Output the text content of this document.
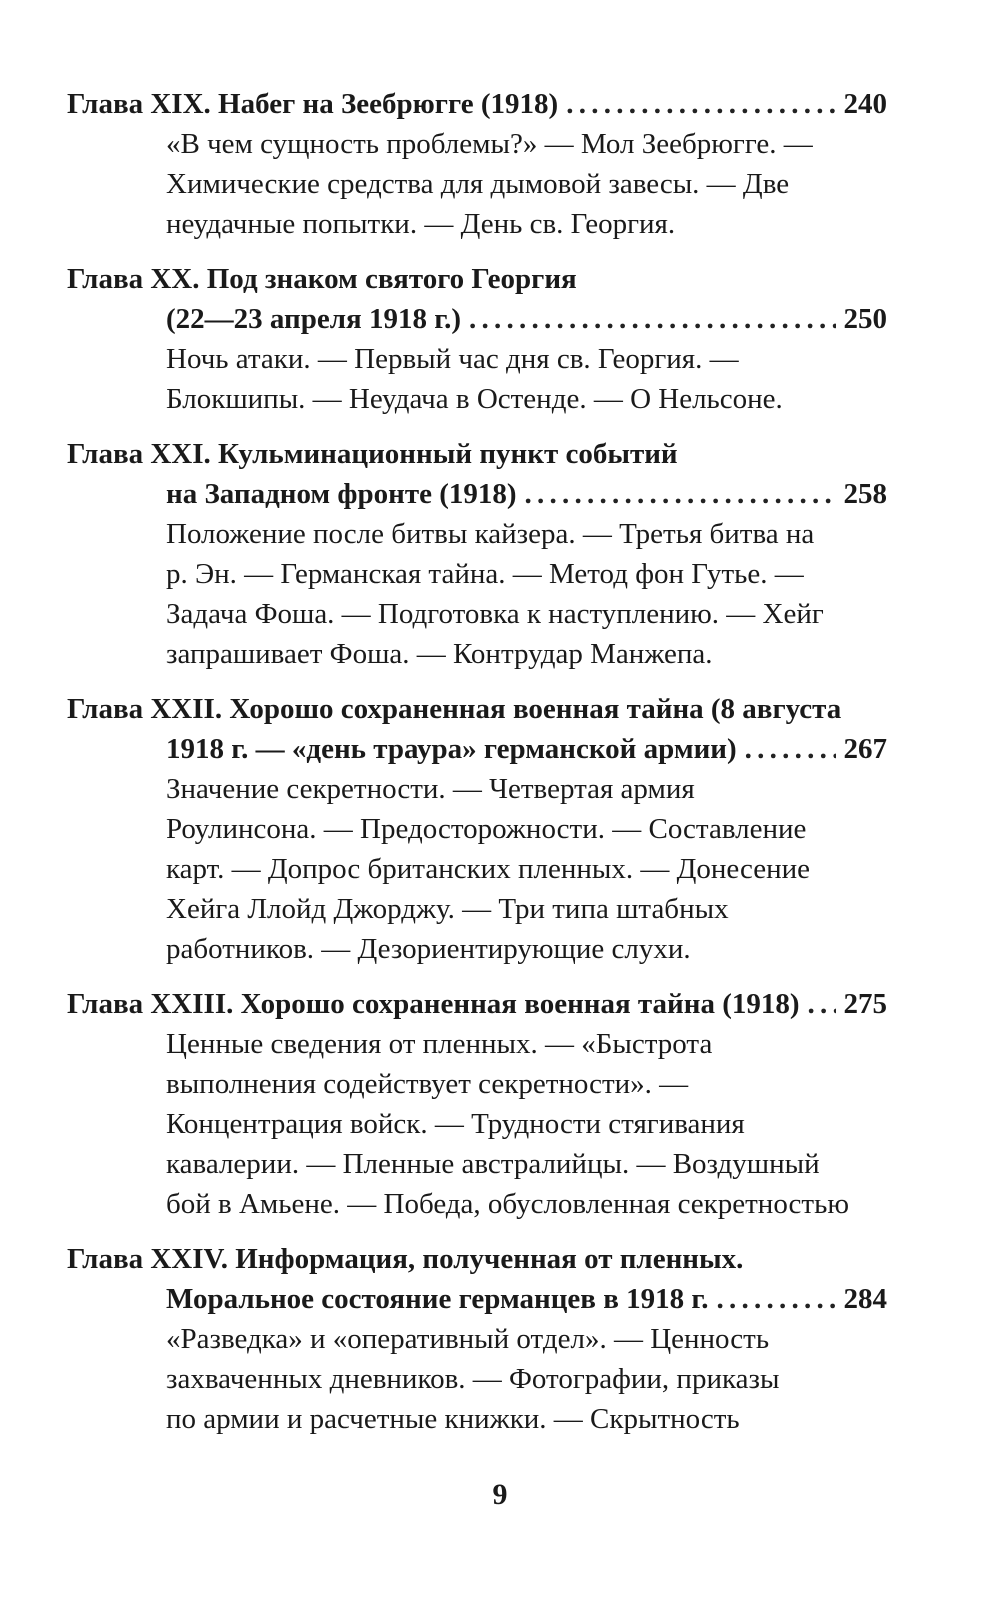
Глава XIX. Набег на Зеебрюгге (1918) . . .	240
«В чем сущность проблемы?» — Мол Зеебрюгге. —
Химические средства для дымовой завесы. — Две
неудачные попытки. — День св. Георгия.
Глава XX. Под знаком святого Георгия
(22—23 апреля 1918 г.) . . .	250
Ночь атаки. — Первый час дня св. Георгия. —
Блокшипы. — Неудача в Остенде. — О Нельсоне.
Глава XXI. Кульминационный пункт событий
на Западном фронте (1918) . . .	258
Положение после битвы кайзера. — Третья битва на
р. Эн. — Германская тайна. — Метод фон Гутье. —
Задача Фоша. — Подготовка к наступлению. — Хейг
запрашивает Фоша. — Контрудар Манжепа.
Глава XXII. Хорошо сохраненная военная тайна (8 августа
1918 г. — «день траура» германской армии) . . .	267
Значение секретности. — Четвертая армия
Роулинсона. — Предосторожности. — Составление
карт. — Допрос британских пленных. — Донесение
Хейга Ллойд Джорджу. — Три типа штабных
работников. — Дезориентирующие слухи.
Глава XXIII. Хорошо сохраненная военная тайна (1918) . . . 275
Ценные сведения от пленных. — «Быстрота
выполнения содействует секретности». —
Концентрация войск. — Трудности стягивания
кавалерии. — Пленные австралийцы. — Воздушный
бой в Амьене. — Победа, обусловленная секретностью
Глава XXIV. Информация, полученная от пленных.
Моральное состояние германцев в 1918 г. . . .	284
«Разведка» и «оперативный отдел». — Ценность
захваченных дневников. — Фотографии, приказы
по армии и расчетные книжки. — Скрытность
9
